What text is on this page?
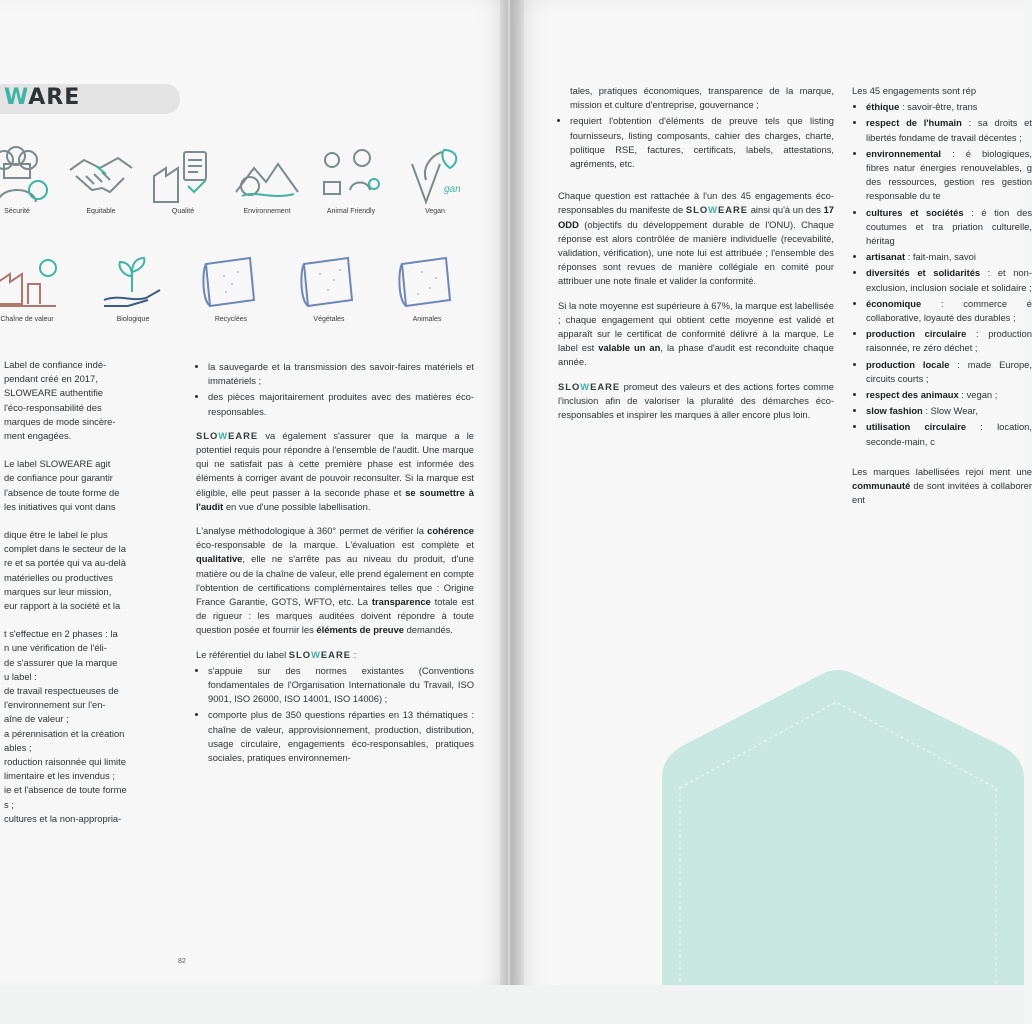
WARE
Sécurité	Equitable	Qualité	Environnement	Animal Friendly
gan
Vegan
Chaîne de valeur	Biologique	Recyclées	Végétales	Animales
Label de confiance indé-
pendant créé en 2017,
SLOWEARE authentifie
l'éco-responsabilité des
marques de mode sincère-
ment engagées.
Le label SLOWEARE agit
de confiance pour garantir
l'absence de toute forme de
les initiatives qui vont dans
dique être le label le plus
complet dans le secteur de la
re et sa portée qui va au-delà
matérielles ou productives
marques sur leur mission,
eur rapport à la société et la
t s'effectue en 2 phases : la
n une vérification de l'éli-
de s'assurer que la marque
u label :
de travail respectueuses de
l'environnement sur l'en-
aîne de valeur ;
a pérennisation et la création
ables ;
roduction raisonnée qui limite
limentaire et les invendus ;
ie et l'absence de toute forme
s ;
cultures et la non-appropria-
• la sauvegarde et la transmission des savoir-faires matériels et immatériels ;
• des pièces majoritairement produites avec des matières éco-responsables.

SLOWEARE va également s'assurer que la marque a le potentiel requis pour répondre à l'ensemble de l'audit. Une marque qui ne satisfait pas à cette première phase est informée des éléments à corriger avant de pouvoir reconsulter. Si la marque est éligible, elle peut passer à la seconde phase et se soumettre à l'audit en vue d'une possible labellisation.

L'analyse méthodologique à 360° permet de vérifier la cohérence éco-responsable de la marque. L'évaluation est complète et qualitative, elle ne s'arrête pas au niveau du produit, d'une matière ou de la chaîne de valeur, elle prend également en compte l'obtention de certifications complémentaires telles que : Origine France Garantie, GOTS, WFTO, etc. La transparence totale est de rigueur : les marques auditées doivent répondre à toute question posée et fournir les éléments de preuve demandés.

Le référentiel du label SLOWEARE :

• s'appuie sur des normes existantes (Conventions fondamentales de l'Organisation Internationale du Travail, ISO 9001, ISO 26000, ISO 14001, ISO 14006) ;
• comporte plus de 350 questions réparties en 13 thématiques : chaîne de valeur, approvisionnement, production, distribution, usage circulaire, engagements éco-responsables, pratiques sociales, pratiques environnemen-
82
tales, pratiques économiques, transparence de la marque, mission et culture d'entreprise, gouvernance ;
• requiert l'obtention d'éléments de preuve tels que listing fournisseurs, listing composants, cahier des charges, charte, politique RSE, factures, certificats, labels, attestations, agréments, etc.

Chaque question est rattachée à l'un des 45 engagements éco-responsables du manifeste de SLOWEARE ainsi qu'à un des 17 ODD (objectifs du développement durable de l'ONU). Chaque réponse est alors contrôlée de manière individuelle (recevabilité, validation, vérification), une note lui est attribuée ; l'ensemble des réponses sont revues de manière collégiale en comité pour attribuer une note finale et valider la conformité.

Si la note moyenne est supérieure à 67%, la marque est labellisée ; chaque engagement qui obtient cette moyenne est validé et apparaît sur le certificat de conformité délivré à la marque. Le label est valable un an, la phase d'audit est reconduite chaque année.

SLOWEARE promeut des valeurs et des actions fortes comme l'inclusion afin de valoriser la pluralité des démarches éco-responsables et inspirer les marques à aller encore plus loin.

Les 45 engagements sont rép
• éthique : savoir-être, trans
• respect de l'humain : sa droits et libertés fondame de travail décentes ;
• environnemental : é biologiques, fibres natur énergies renouvelables, g des ressources, gestion res gestion responsable du te
• cultures et sociétés : é tion des coutumes et tra priation culturelle, héritag
• artisanat : fait-main, savoi
• diversités et solidarités : et non-exclusion, inclusion sociale et solidaire ;
• économique : commerce é collaborative, loyauté des durables ;
• production circulaire : production raisonnée, re zéro déchet ;
• production locale : made Europe, circuits courts ;
• respect des animaux : vegan ;
• slow fashion : Slow Wear,
• utilisation circulaire : location, seconde-main, c

Les marques labellisées rejoi ment une communauté de sont invitées à collaborer ent
